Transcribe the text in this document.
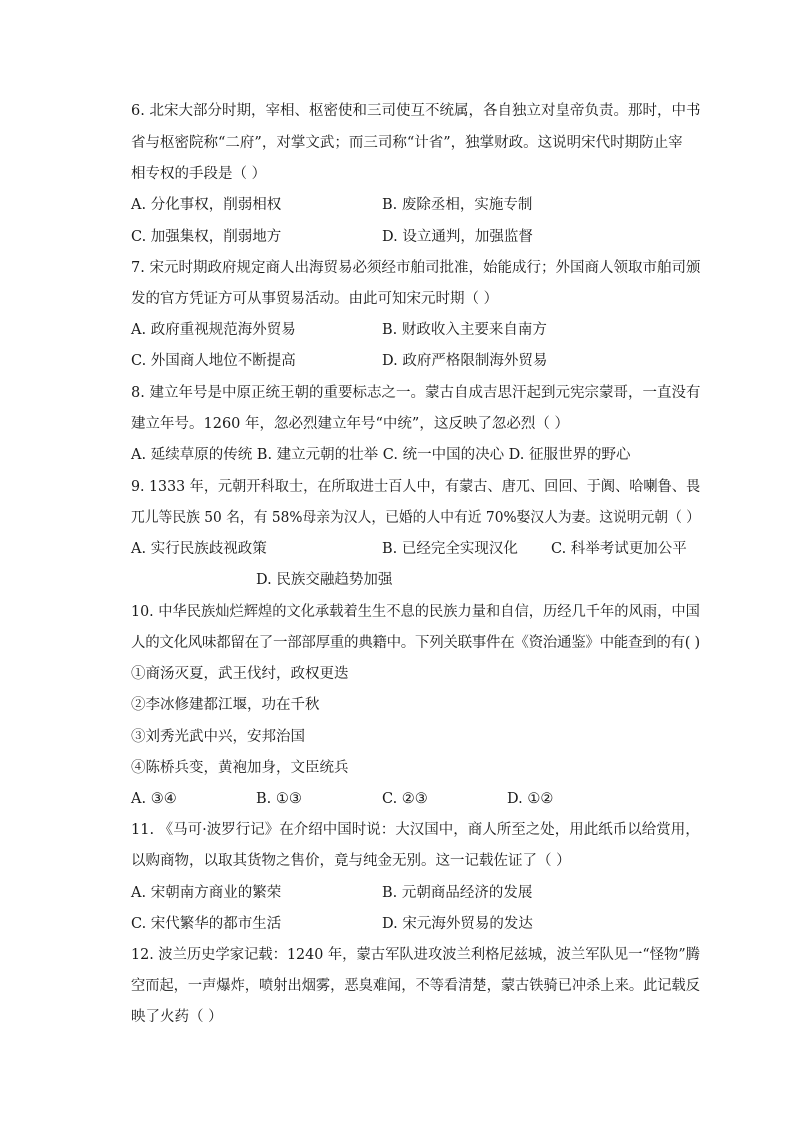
6. 北宋大部分时期，宰相、枢密使和三司使互不统属，各自独立对皇帝负责。那时，中书
省与枢密院称“二府”，对掌文武；而三司称“计省”，独掌财政。这说明宋代时期防止宰
相专权的手段是（ ）
A. 分化事权，削弱相权	B. 废除丞相，实施专制
C. 加强集权，削弱地方	D. 设立通判，加强监督
7. 宋元时期政府规定商人出海贸易必须经市舶司批准，始能成行；外国商人领取市舶司颁
发的官方凭证方可从事贸易活动。由此可知宋元时期（ ）
A. 政府重视规范海外贸易	B. 财政收入主要来自南方
C. 外国商人地位不断提高	D. 政府严格限制海外贸易
8. 建立年号是中原正统王朝的重要标志之一。蒙古自成吉思汗起到元宪宗蒙哥，一直没有
建立年号。1260 年，忽必烈建立年号“中统”，这反映了忽必烈（ ）
A. 延续草原的传统 B. 建立元朝的壮举 C. 统一中国的决心 D. 征服世界的野心
9. 1333 年，元朝开科取士，在所取进士百人中，有蒙古、唐兀、回回、于阗、哈喇鲁、畏
兀儿等民族 50 名，有 58%母亲为汉人，已婚的人中有近 70%娶汉人为妻。这说明元朝（ ）
A. 实行民族歧视政策	B. 已经完全实现汉化 C. 科举考试更加公平
D. 民族交融趋势加强
10. 中华民族灿烂辉煌的文化承载着生生不息的民族力量和自信，历经几千年的风雨，中国
人的文化风味都留在了一部部厚重的典籍中。下列关联事件在《资治通鉴》中能查到的有( )
①商汤灭夏，武王伐纣，政权更迭
②李冰修建都江堰，功在千秋
③刘秀光武中兴，安邦治国
④陈桥兵变，黄袍加身，文臣统兵
A. ③④	B. ①③	C. ②③	D. ①②
11. 《马可·波罗行记》在介绍中国时说：大汉国中，商人所至之处，用此纸币以给赏用，
以购商物，以取其货物之售价，竟与纯金无别。这一记载佐证了（ ）
A. 宋朝南方商业的繁荣	B. 元朝商品经济的发展
C. 宋代繁华的都市生活	D. 宋元海外贸易的发达
12. 波兰历史学家记载：1240 年，蒙古军队进攻波兰利格尼兹城，波兰军队见一“怪物”腾
空而起，一声爆炸，喷射出烟雾，恶臭难闻，不等看清楚，蒙古铁骑已冲杀上来。此记载反
映了火药（ ）
